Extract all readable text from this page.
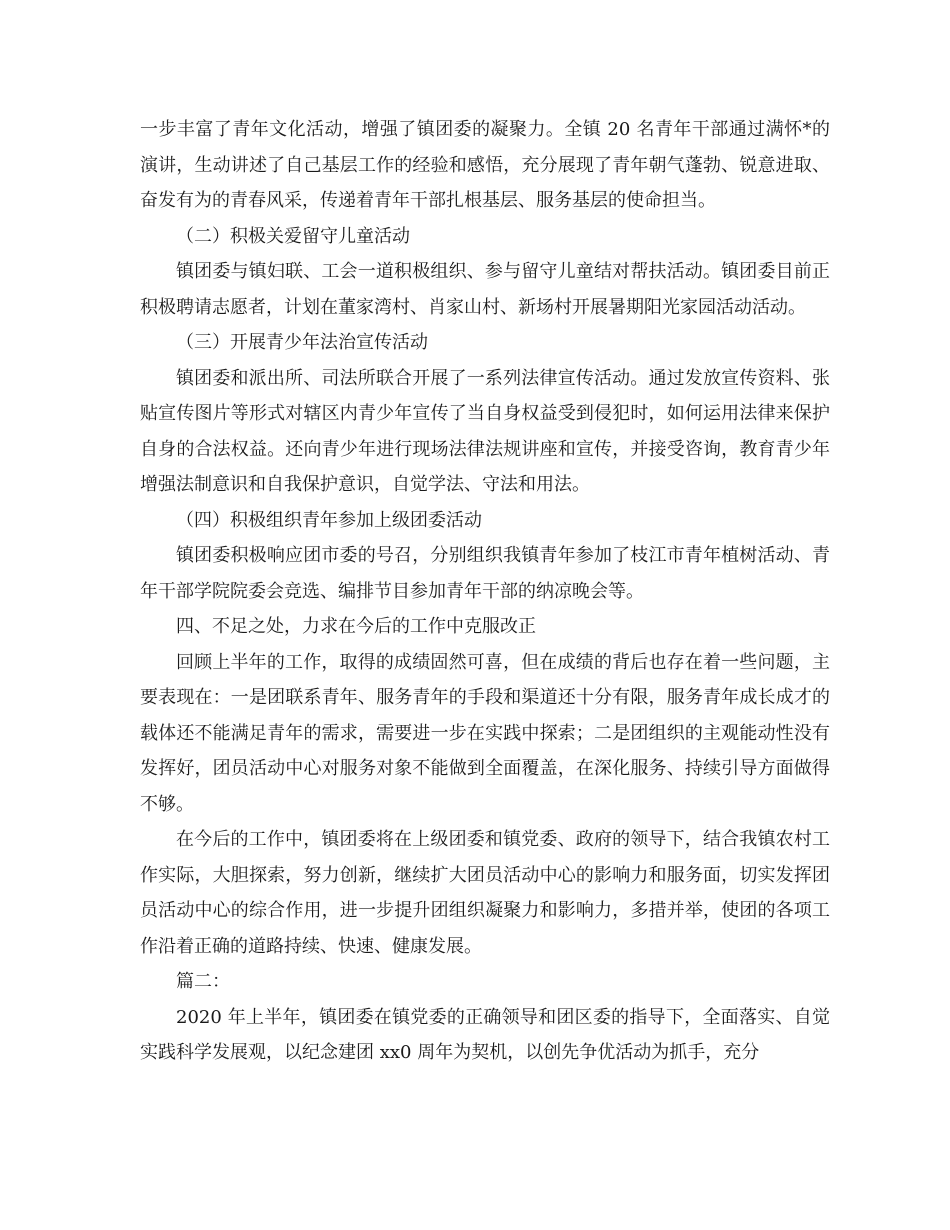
一步丰富了青年文化活动，增强了镇团委的凝聚力。全镇 20 名青年干部通过满怀*的演讲，生动讲述了自己基层工作的经验和感悟，充分展现了青年朝气蓬勃、锐意进取、奋发有为的青春风采，传递着青年干部扎根基层、服务基层的使命担当。

（二）积极关爱留守儿童活动

镇团委与镇妇联、工会一道积极组织、参与留守儿童结对帮扶活动。镇团委目前正积极聘请志愿者，计划在董家湾村、肖家山村、新场村开展暑期阳光家园活动活动。

（三）开展青少年法治宣传活动

镇团委和派出所、司法所联合开展了一系列法律宣传活动。通过发放宣传资料、张贴宣传图片等形式对辖区内青少年宣传了当自身权益受到侵犯时，如何运用法律来保护自身的合法权益。还向青少年进行现场法律法规讲座和宣传，并接受咨询，教育青少年增强法制意识和自我保护意识，自觉学法、守法和用法。

（四）积极组织青年参加上级团委活动

镇团委积极响应团市委的号召，分别组织我镇青年参加了枝江市青年植树活动、青年干部学院院委会竞选、编排节目参加青年干部的纳凉晚会等。

四、不足之处，力求在今后的工作中克服改正

回顾上半年的工作，取得的成绩固然可喜，但在成绩的背后也存在着一些问题，主要表现在：一是团联系青年、服务青年的手段和渠道还十分有限，服务青年成长成才的载体还不能满足青年的需求，需要进一步在实践中探索；二是团组织的主观能动性没有发挥好，团员活动中心对服务对象不能做到全面覆盖，在深化服务、持续引导方面做得不够。

在今后的工作中，镇团委将在上级团委和镇党委、政府的领导下，结合我镇农村工作实际，大胆探索，努力创新，继续扩大团员活动中心的影响力和服务面，切实发挥团员活动中心的综合作用，进一步提升团组织凝聚力和影响力，多措并举，使团的各项工作沿着正确的道路持续、快速、健康发展。

篇二：

2020 年上半年，镇团委在镇党委的正确领导和团区委的指导下，全面落实、自觉实践科学发展观，以纪念建团 xx0 周年为契机，以创先争优活动为抓手，充分
